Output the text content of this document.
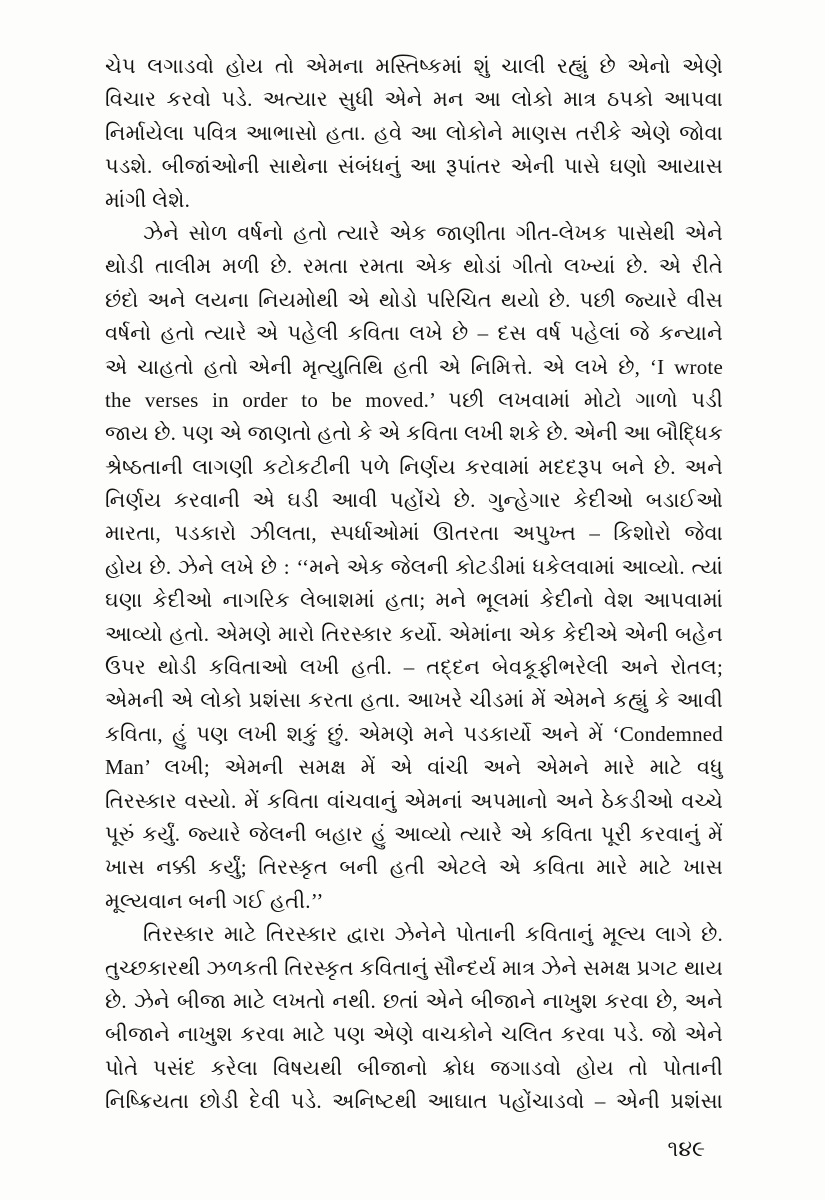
ચેપ લગાડવો હોય તો એમના મસ્તિષ્કમાં શું ચાલી રહ્યું છે એનો એણે
વિચાર કરવો પડે. અત્યાર સુધી એને મન આ લોકો માત્ર ઠપકો આપવા
નિર્માયેલા પવિત્ર આભાસો હતા. હવે આ લોકોને માણસ તરીકે એણે જોવા
પડશે. બીજાંઓની સાથેના સંબંધનું આ રૂપાંતર એની પાસે ઘણો આયાસ
માંગી લેશે.
ઝેને સોળ વર્ષનો હતો ત્યારે એક જાણીતા ગીત-લેખક પાસેથી એને
થોડી તાલીમ મળી છે. રમતા રમતા એક થોડાં ગીતો લખ્યાં છે. એ રીતે
છંદો અને લયના નિયમોથી એ થોડો પરિચિત થયો છે. પછી જ્યારે વીસ
વર્ષનો હતો ત્યારે એ પહેલી કવિતા લખે છે – દસ વર્ષ પહેલાં જે કન્યાને
એ ચાહતો હતો એની મૃત્યુતિથિ હતી એ નિમિત્તે. એ લખે છે, ‘I wrote
the verses in order to be moved.’ પછી લખવામાં મોટો ગાળો પડી
જાય છે. પણ એ જાણતો હતો કે એ કવિતા લખી શકે છે. એની આ બૌદ્ધિક
શ્રેષ્ઠતાની લાગણી કટોકટીની પળે નિર્ણય કરવામાં મદદરૂપ બને છે. અને
નિર્ણય કરવાની એ ઘડી આવી પહોંચે છે. ગુન્હેગાર કેદીઓ બડાઈઓ
મારતા, પડકારો ઝીલતા, સ્પર્ધાઓમાં ઊતરતા અપુખ્ત – કિશોરો જેવા
હોય છે. ઝેને લખે છે : ‘‘મને એક જેલની કોટડીમાં ધકેલવામાં આવ્યો. ત્યાં
ઘણા કેદીઓ નાગરિક લેબાશમાં હતા; મને ભૂલમાં કેદીનો વેશ આપવામાં
આવ્યો હતો. એમણે મારો તિરસ્કાર કર્યો. એમાંના એક કેદીએ એની બહેન
ઉપર થોડી કવિતાઓ લખી હતી. – તદ્દન બેવકૂફીભરેલી અને રોતલ;
એમની એ લોકો પ્રશંસા કરતા હતા. આખરે ચીડમાં મેં એમને કહ્યું કે આવી
કવિતા, હું પણ લખી શકું છું. એમણે મને પડકાર્યો અને મેં ‘Condemned
Man’ લખી; એમની સમક્ષ મેં એ વાંચી અને એમને મારે માટે વધુ
તિરસ્કાર વસ્યો. મેં કવિતા વાંચવાનું એમનાં અપમાનો અને ઠેકડીઓ વચ્ચે
પૂરું કર્યું. જ્યારે જેલની બહાર હું આવ્યો ત્યારે એ કવિતા પૂરી કરવાનું મેં
ખાસ નક્કી કર્યું; તિરસ્કૃત બની હતી એટલે એ કવિતા મારે માટે ખાસ
મૂલ્યવાન બની ગઈ હતી.’’
તિરસ્કાર માટે તિરસ્કાર દ્વારા ઝેનેને પોતાની કવિતાનું મૂલ્ય લાગે છે.
તુચ્છકારથી ઝળકતી તિરસ્કૃત કવિતાનું સૌન્દર્ય માત્ર ઝેને સમક્ષ પ્રગટ થાય
છે. ઝેને બીજા માટે લખતો નથી. છતાં એને બીજાને નાખુશ કરવા છે, અને
બીજાને નાખુશ કરવા માટે પણ એણે વાચકોને ચલિત કરવા પડે. જો એને
પોતે પસંદ કરેલા વિષયથી બીજાનો ક્રોધ જગાડવો હોય તો પોતાની
નિષ્ક્રિયતા છોડી દેવી પડે. અનિષ્ટથી આઘાત પહોંચાડવો – એની પ્રશંસા
૧૪૯
